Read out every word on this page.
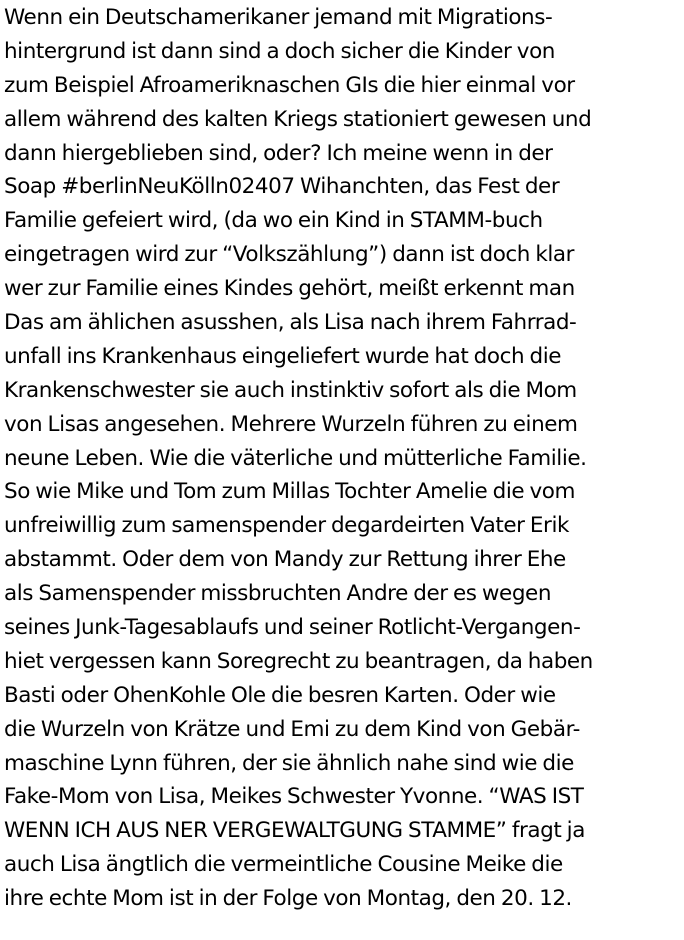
Wenn ein Deutschamerikaner jemand mit Migrations-
hintergrund ist dann sind a doch sicher die Kinder von
zum Beispiel Afroameriknaschen GIs die hier einmal vor
allem während des kalten Kriegs stationiert gewesen und
dann hiergeblieben sind, oder? Ich meine wenn in der
Soap #berlinNeuKölln02407 Wihanchten, das Fest der
Familie gefeiert wird, (da wo ein Kind in STAMM-buch
eingetragen wird zur “Volkszählung”) dann ist doch klar
wer zur Familie eines Kindes gehört, meißt erkennt man
Das am ählichen asusshen, als Lisa nach ihrem Fahrrad-
unfall ins Krankenhaus eingeliefert wurde hat doch die
Krankenschwester sie auch instinktiv sofort als die Mom
von Lisas angesehen. Mehrere Wurzeln führen zu einem
neune Leben. Wie die väterliche und mütterliche Familie.
So wie Mike und Tom zum Millas Tochter Amelie die vom
unfreiwillig zum samenspender degardeirten Vater Erik
abstammt. Oder dem von Mandy zur Rettung ihrer Ehe
als Samenspender missbruchten Andre der es wegen
seines Junk-Tagesablaufs und seiner Rotlicht-Vergangen-
hiet vergessen kann Soregrecht zu beantragen, da haben
Basti oder OhenKohle Ole die besren Karten. Oder wie
die Wurzeln von Krätze und Emi zu dem Kind von Gebär-
maschine Lynn führen, der sie ähnlich nahe sind wie die
Fake-Mom von Lisa, Meikes Schwester Yvonne. “WAS IST
WENN ICH AUS NER VERGEWALTGUNG STAMME” fragt ja
auch Lisa ängtlich die vermeintliche Cousine Meike die
ihre echte Mom ist in der Folge von Montag, den 20. 12.
